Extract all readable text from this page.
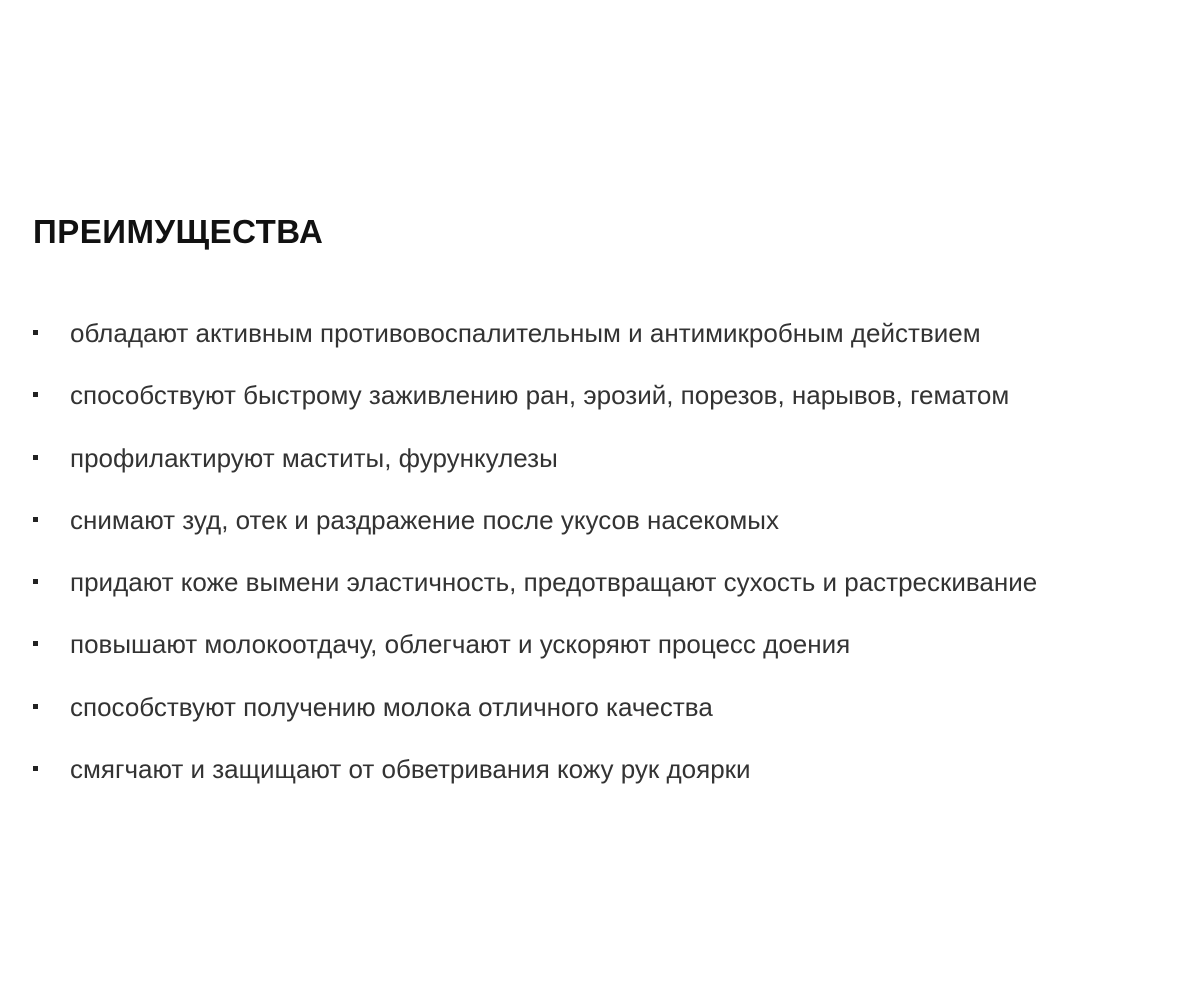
ПРЕИМУЩЕСТВА
обладают активным противовоспалительным и антимикробным действием
способствуют быстрому заживлению ран, эрозий, порезов, нарывов, гематом
профилактируют маститы, фурункулезы
снимают зуд, отек и раздражение после укусов насекомых
придают коже вымени эластичность, предотвращают сухость и растрескивание
повышают молокоотдачу, облегчают и ускоряют процесс доения
способствуют получению молока отличного качества
смягчают и защищают от обветривания кожу рук доярки
